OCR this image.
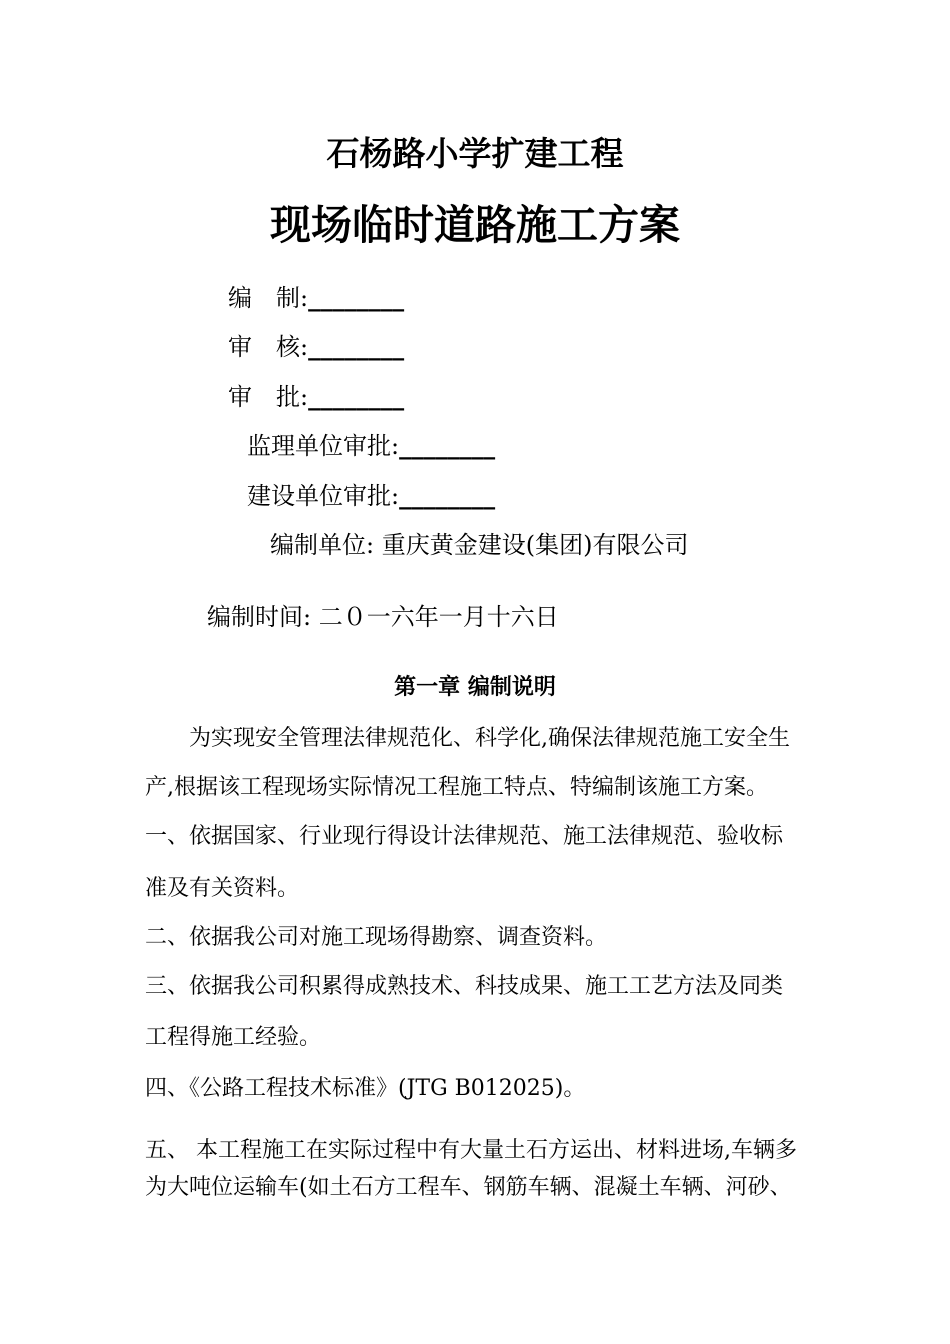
石杨路小学扩建工程
现场临时道路施工方案
编　制:________
审　核:________
审　批:________
监理单位审批:________
建设单位审批:________
编制单位: 重庆黄金建设(集团)有限公司
编制时间: 二０一六年一月十六日
第一章 编制说明
为实现安全管理法律规范化、科学化,确保法律规范施工安全生
产,根据该工程现场实际情况工程施工特点、特编制该施工方案。
一、依据国家、行业现行得设计法律规范、施工法律规范、验收标
准及有关资料。
二、依据我公司对施工现场得勘察、调查资料。
三、依据我公司积累得成熟技术、科技成果、施工工艺方法及同类
工程得施工经验。
四、《公路工程技术标准》(JTG B012025)。
五、 本工程施工在实际过程中有大量土石方运出、材料进场,车辆多
为大吨位运输车(如土石方工程车、钢筋车辆、混凝土车辆、河砂、
